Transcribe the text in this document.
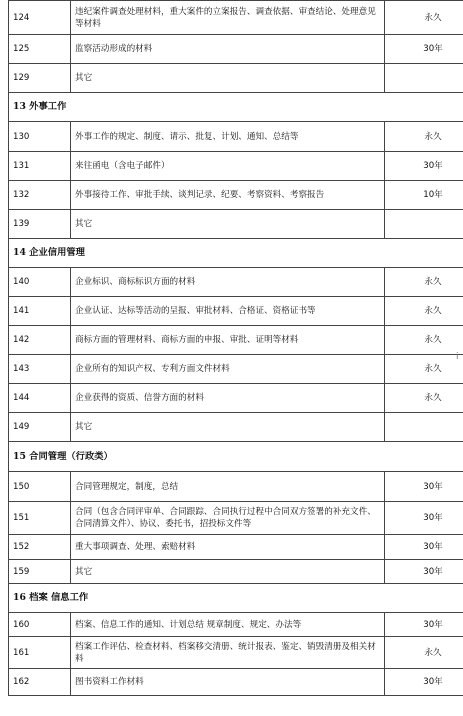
124	违纪案件调查处理材料，重大案件的立案报告、调查依据、审查结论、处理意见等材料	永久
125	监察活动形成的材料	30年
129	其它	
13 外事工作		
130	外事工作的规定、制度、请示、批复、计划、通知、总结等	永久
131	来往函电（含电子邮件）	30年
132	外事接待工作、审批手续、谈判记录、纪要、考察资料、考察报告	10年
139	其它	
14 企业信用管理		
140	企业标识、商标标识方面的材料	永久
141	企业认证、达标等活动的呈报、审批材料、合格证、资格证书等	永久
142	商标方面的管理材料、商标方面的申报、审批、证明等材料	永久
143	企业所有的知识产权、专利方面文件材料	永久
144	企业获得的资质、信誉方面的材料	永久
149	其它	
15 合同管理（行政类）		
150	合同管理规定，制度，总结	30年
151	合同（包含合同评审单、合同跟踪、合同执行过程中合同双方签署的补充文件、合同清算文件）、协议、委托书，招投标文件等	30年
152	重大事项调查、处理、索赔材料	30年
159	其它	30年
16 档案 信息工作		
160	档案、信息工作的通知、计划总结 规章制度、规定、办法等	30年
161	档案工作评估、检查材料、档案移交清册、统计报表、鉴定、销毁清册及相关材料	永久
162	图书资料工作材料	30年
ⅰ
